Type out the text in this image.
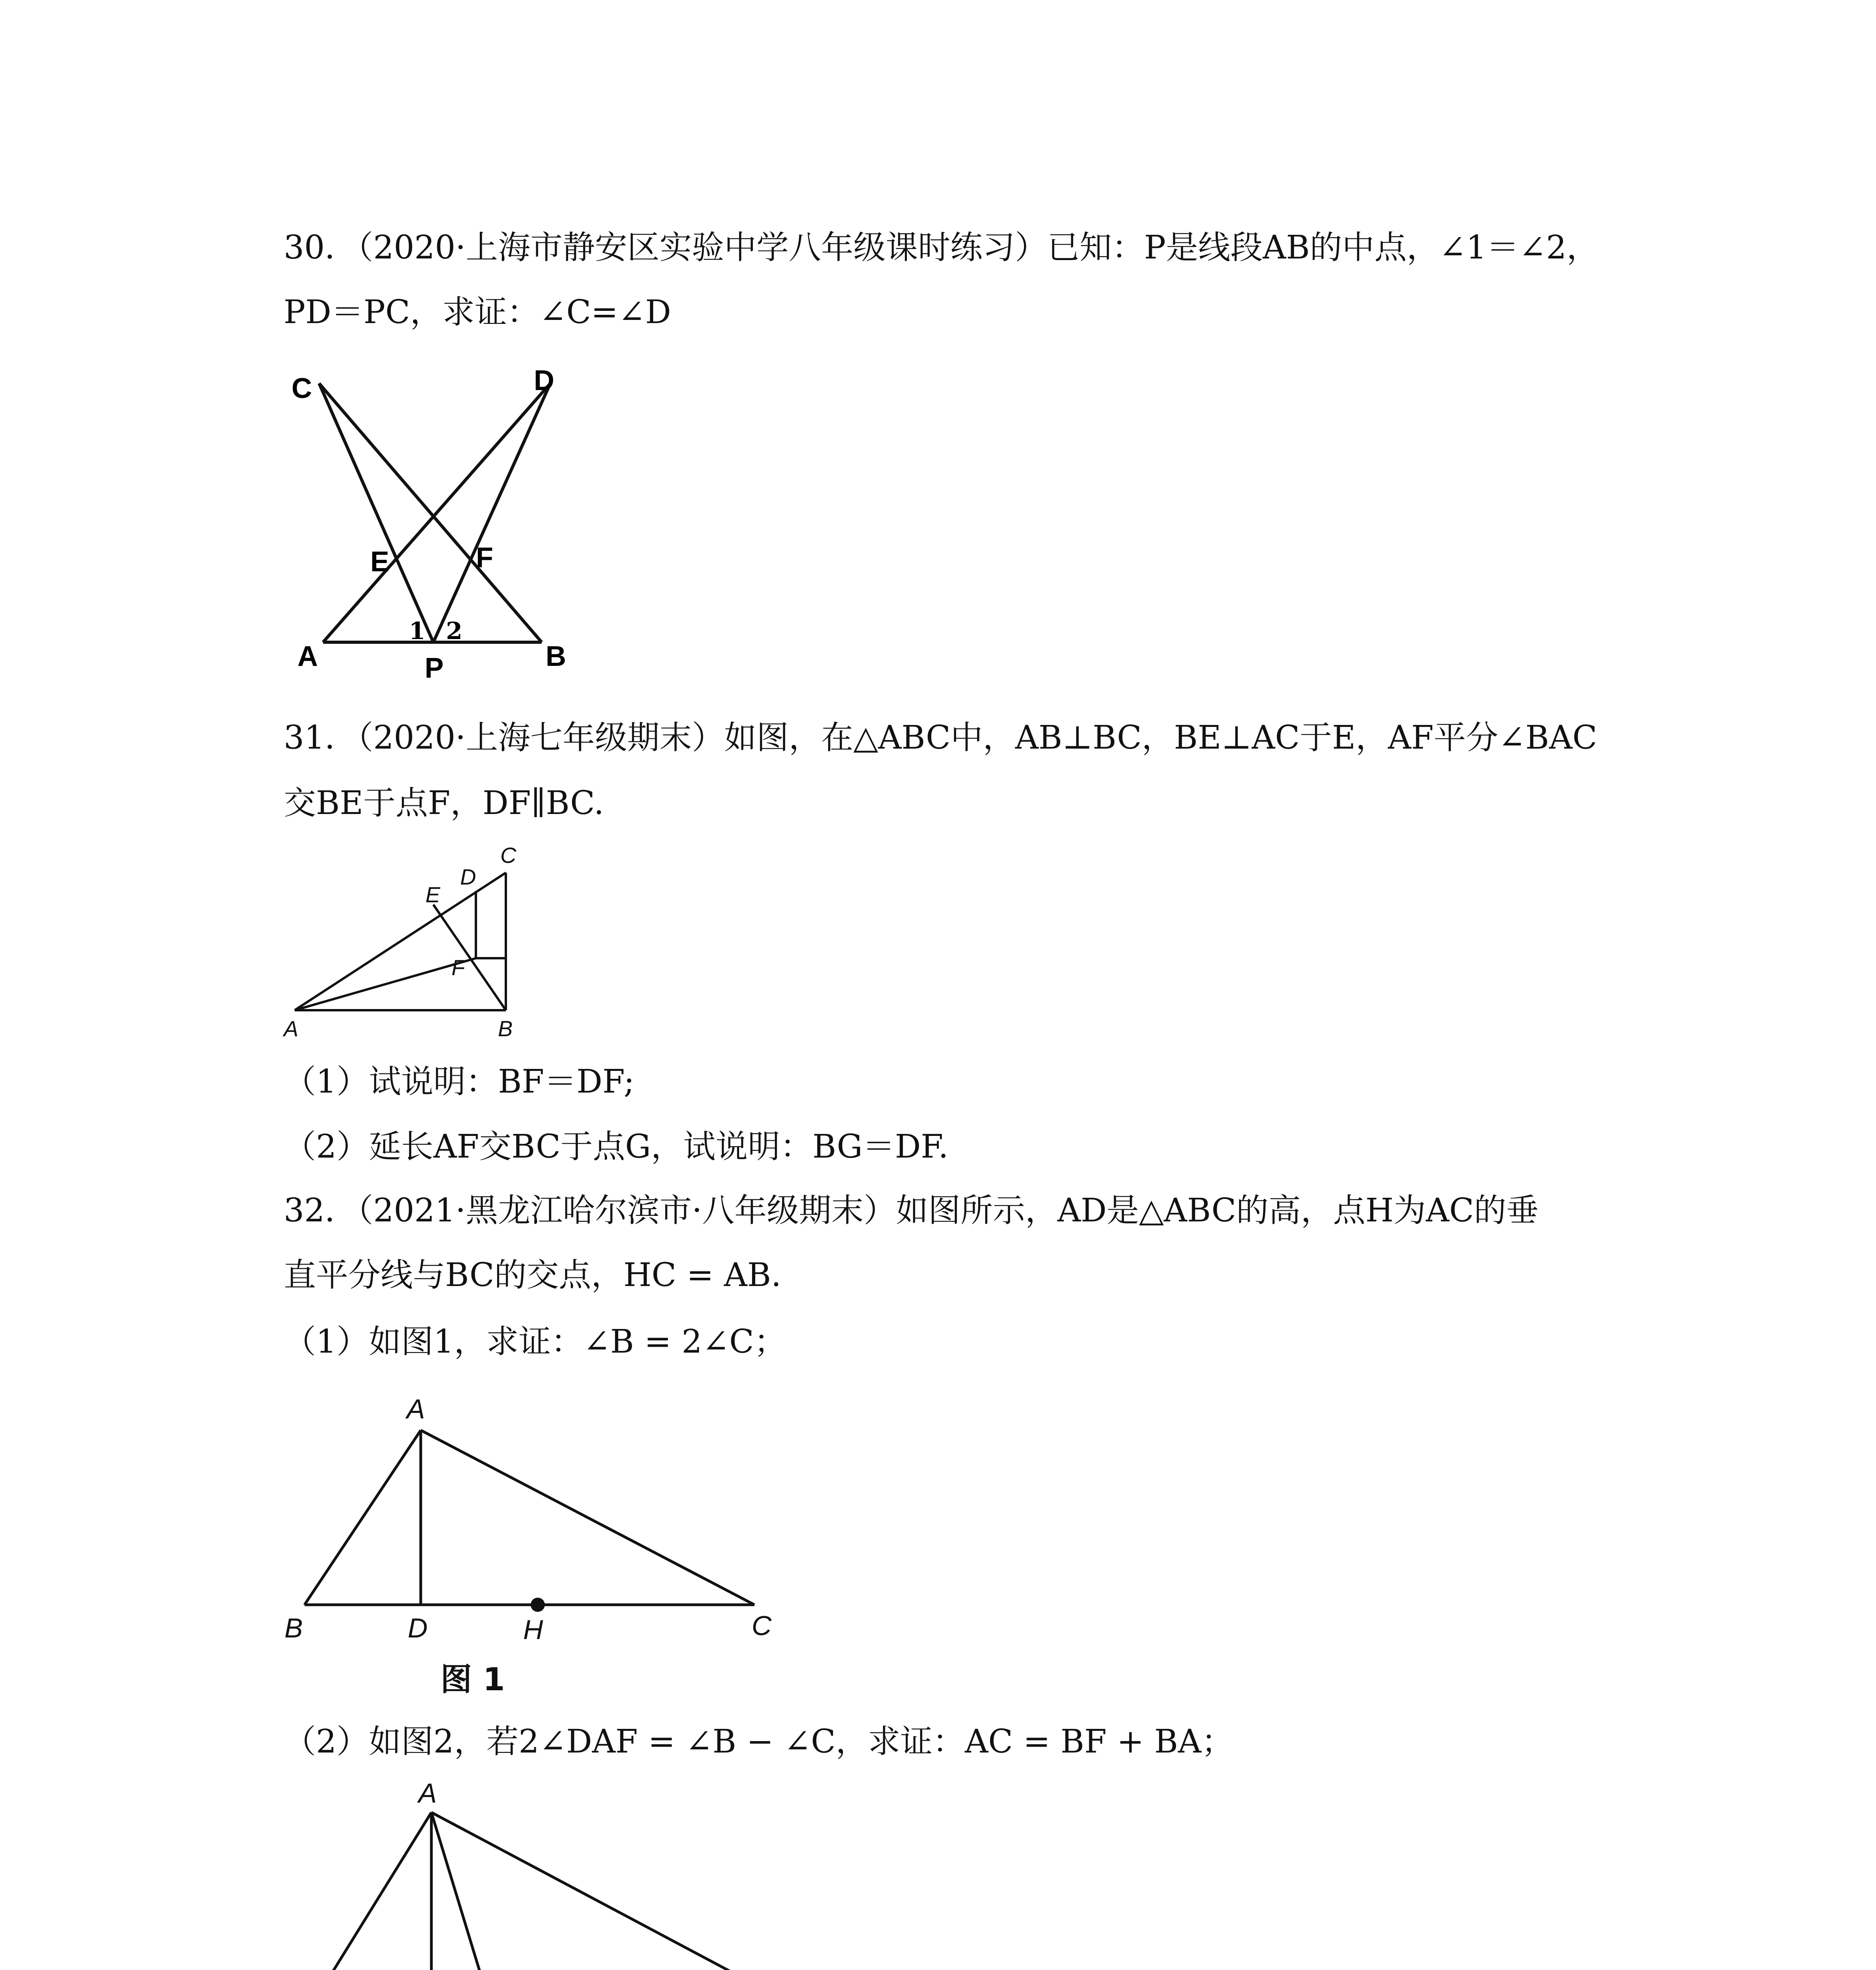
30．（2020·上海市静安区实验中学八年级课时练习）已知：P是线段AB的中点，∠1＝∠2，
PD＝PC，求证：∠C=∠D
C	D
E	F
A	B
P
1 2
31．（2020·上海七年级期末）如图，在△ABC中，AB⊥BC，BE⊥AC于E，AF平分∠BAC
交BE于点F，DF∥BC.
A	B
C
D
E
F
（1）试说明：BF＝DF;
（2）延长AF交BC于点G，试说明：BG＝DF.
32．（2021·黑龙江哈尔滨市·八年级期末）如图所示，AD是△ABC的高，点H为AC的垂
直平分线与BC的交点，HC = AB.
（1）如图1，求证：∠B = 2∠C；
A
B	C
D	H
图 1
（2）如图2，若2∠DAF = ∠B − ∠C，求证：AC = BF + BA；
A
